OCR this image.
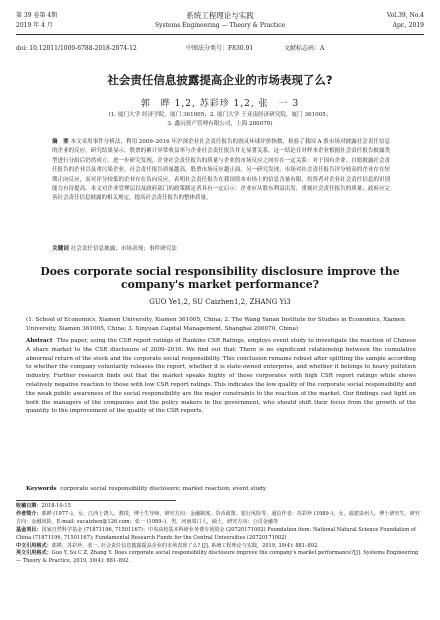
第 39 卷第 4期	系统工程理论与实践	Vol.39, No.4
2019 年 4 月	Systems Engineering — Theory & Practice	Apr., 2019
doi: 10.12011/1000-6788-2018-2074-12	中图法分类号：F830.91	文献标志码：A
社会责任信息披露提高企业的市场表现了么?
郭　晔 1,2, 苏彩珍 1,2, 张　一 3
(1. 厦门大学 经济学院，厦门 361005；2. 厦门大学 王亚南经济研究院，厦门 361005；
3. 鑫沅资产管理有限公司，上海 200070)
摘　要 本文采用事件分析法，利用 2009–2016 年沪深企业社会责任报告的润灵环球评价指数，检验了我国 A 股市场对披露社会责任信息的企业的反应。研究结果显示，股票的累计异常收益率与企业社会责任报告并无显著关系。这一结论在对样本企业根据社会责任报告披露类型进行分组后仍然成立。进一步研究发现，企业社会责任报告的质量与企业的市场反应之间存在一定关系：对于国有企业、自愿披露社会责任报告的企业以及重污染企业，社会责任报告质量越高，股票市场反应越正面。另一研究发现，市场对社会责任报告评分较高的企业存在短期正向反应，而对评分较低的企业存在负向反应，表明社会责任报告在我国资本市场上的信息含量有限，投资者对企业社会责任信息的识别能力有待提高。本文对企业管理层以及政府部门的政策制定者具有一定启示：企业应从股东利益出发，重视社会责任报告的质量；政府应完善社会责任信息披露的相关规定，提高社会责任报告的整体质量。
关键词 社会责任信息披露；市场表现；事件研究法
Does corporate social responsibility disclosure improve the company's market performance?
GUO Ye1,2, SU Caizhen1,2, ZHANG Yi3
(1. School of Economics, Xiamen University, Xiamen 361005, China; 2. The Wang Yanan Institute for Studies in Economics, Xiamen University, Xiamen 361005, China; 3. Xinyuan Capital Management, Shanghai 200070, China)
Abstract This paper, using the CSR report ratings of Rankins CSR Ratings, employs event study to investigate the reaction of Chinese A share market to the CSR disclosure of 2009–2016. We find out that: There is no significant relationship between the cumulative abnormal return of the stock and the corporate social responsibility. This conclusion remains robust after splitting the sample according to whether the company voluntarily releases the report, whether it is state-owned enterprise, and whether it belongs to heavy pollution industry. Further research finds out that the market speaks highly of those corporates with high CSR report ratings while shows relatively negative reaction to those with low CSR report ratings. This indicates the low quality of the corporate social responsibility and the weak public awareness of the social responsibility are the major constraints to the reaction of the market. Our findings cast light on both the managers of the companies and the policy makers in the government, who should shift their focus from the growth of the quantity to the improvement of the quality of the CSR reports.
Keywords corporate social responsibility disclosure; market reaction; event study
收稿日期：2018-10-15
作者简介：郭晔 (1977–)，女，江西上饶人，教授，博士生导师，研究方向：金融制度、货币政策、银行风险等，通信作者：苏彩珍 (1989–)，女，福建泉州人，博士研究生，研究方向：金融风险，E-mail: sucaizhen@126.com；张一 (1989–)，男，河南周口人，硕士，研究方向：公司金融等
基金项目：国家自然科学基金 (71871196, 71501167)；中央高校基本科研业务费专项资金 (20720171002) Foundation item: National Natural Science Foundation of China (71871196, 71501167); Fundamental Research Funds for the Central Universities (20720171002)
中文引用格式：郭晔，苏彩珍，张一. 社会责任信息披露提高企业的市场表现了么? [J]. 系统工程理论与实践，2019, 39(4): 881–892.
英文引用格式：Guo Y, Su C Z, Zhang Y. Does corporate social responsibility disclosure improve the company's market performance?[J]. Systems Engineering — Theory & Practice, 2019, 39(4): 881–892.
